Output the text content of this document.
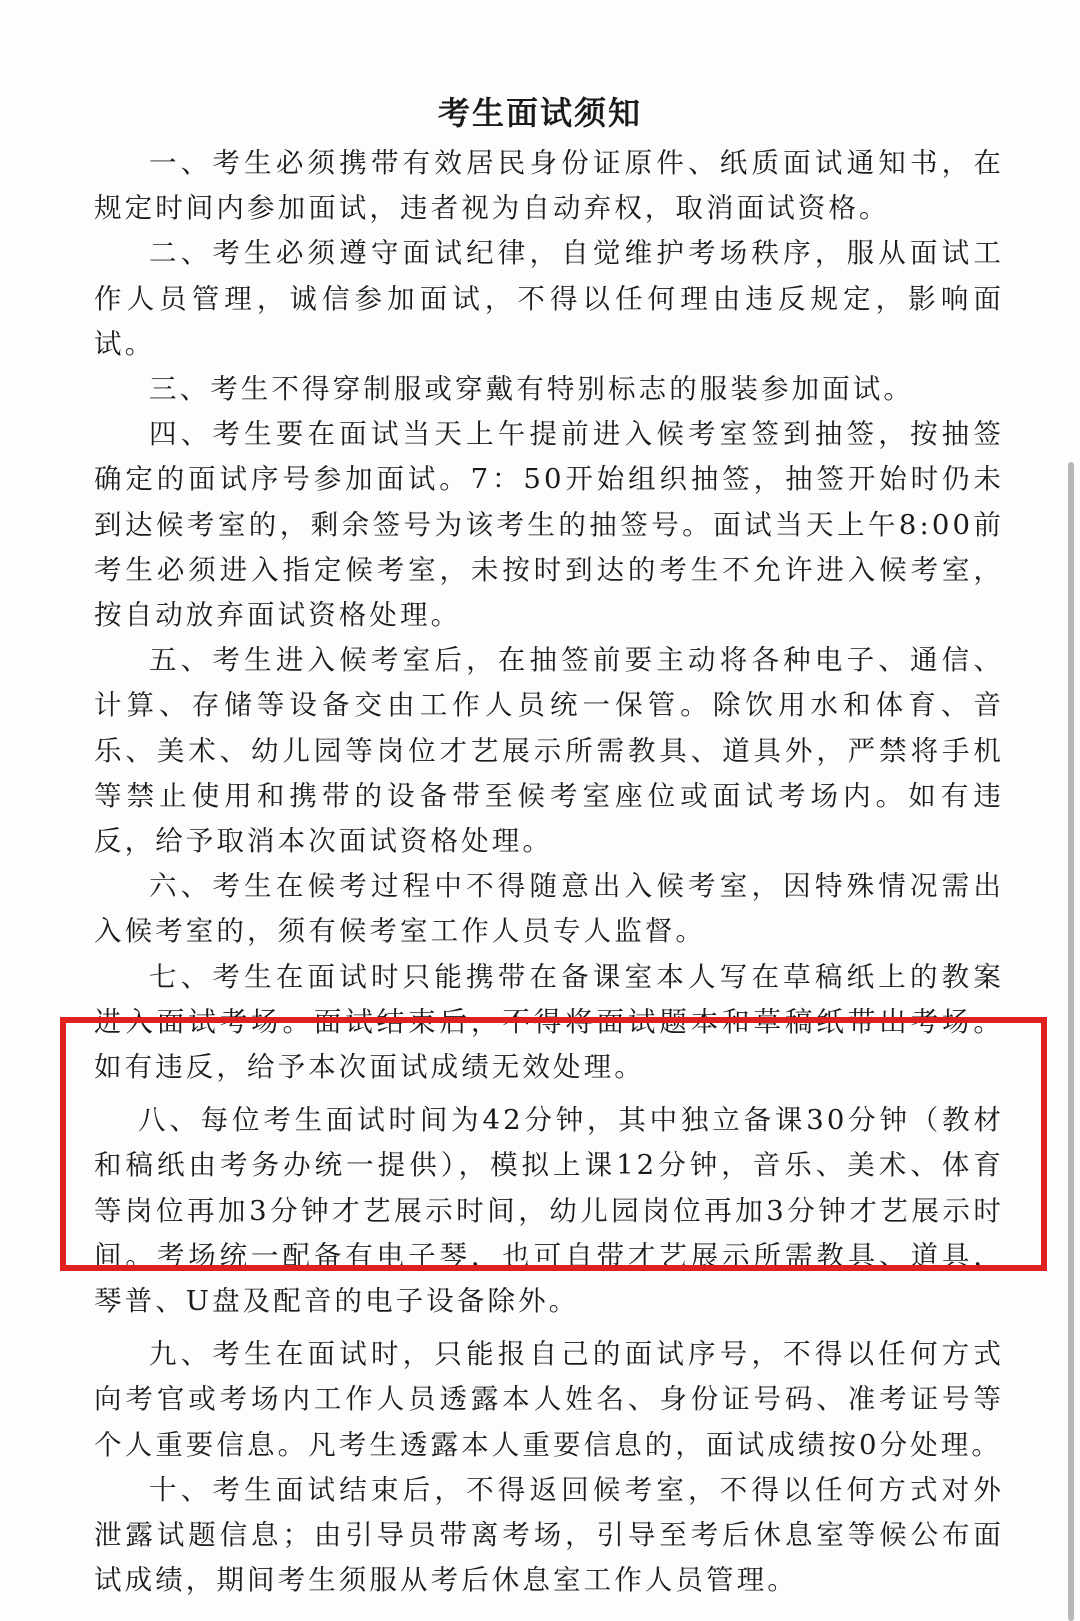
考生面试须知

一、考生必须携带有效居民身份证原件、纸质面试通知书，在规定时间内参加面试，违者视为自动弃权，取消面试资格。

二、考生必须遵守面试纪律，自觉维护考场秩序，服从面试工作人员管理，诚信参加面试，不得以任何理由违反规定，影响面试。

三、考生不得穿制服或穿戴有特别标志的服装参加面试。

四、考生要在面试当天上午提前进入候考室签到抽签，按抽签确定的面试序号参加面试。7：50开始组织抽签，抽签开始时仍未到达候考室的，剩余签号为该考生的抽签号。面试当天上午8:00前考生必须进入指定候考室，未按时到达的考生不允许进入候考室，按自动放弃面试资格处理。

五、考生进入候考室后，在抽签前要主动将各种电子、通信、计算、存储等设备交由工作人员统一保管。除饮用水和体育、音乐、美术、幼儿园等岗位才艺展示所需教具、道具外，严禁将手机等禁止使用和携带的设备带至候考室座位或面试考场内。如有违反，给予取消本次面试资格处理。

六、考生在候考过程中不得随意出入候考室，因特殊情况需出入候考室的，须有候考室工作人员专人监督。

七、考生在面试时只能携带在备课室本人写在草稿纸上的教案进入面试考场。面试结束后，不得将面试题本和草稿纸带出考场。如有违反，给予本次面试成绩无效处理。

八、每位考生面试时间为42分钟，其中独立备课30分钟（教材和稿纸由考务办统一提供），模拟上课12分钟，音乐、美术、体育等岗位再加3分钟才艺展示时间，幼儿园岗位再加3分钟才艺展示时间。考场统一配备有电子琴，也可自带才艺展示所需教具、道具，琴普、U盘及配音的电子设备除外。

九、考生在面试时，只能报自己的面试序号，不得以任何方式向考官或考场内工作人员透露本人姓名、身份证号码、准考证号等个人重要信息。凡考生透露本人重要信息的，面试成绩按0分处理。

十、考生面试结束后，不得返回候考室，不得以任何方式对外泄露试题信息；由引导员带离考场，引导至考后休息室等候公布面试成绩，期间考生须服从考后休息室工作人员管理。
